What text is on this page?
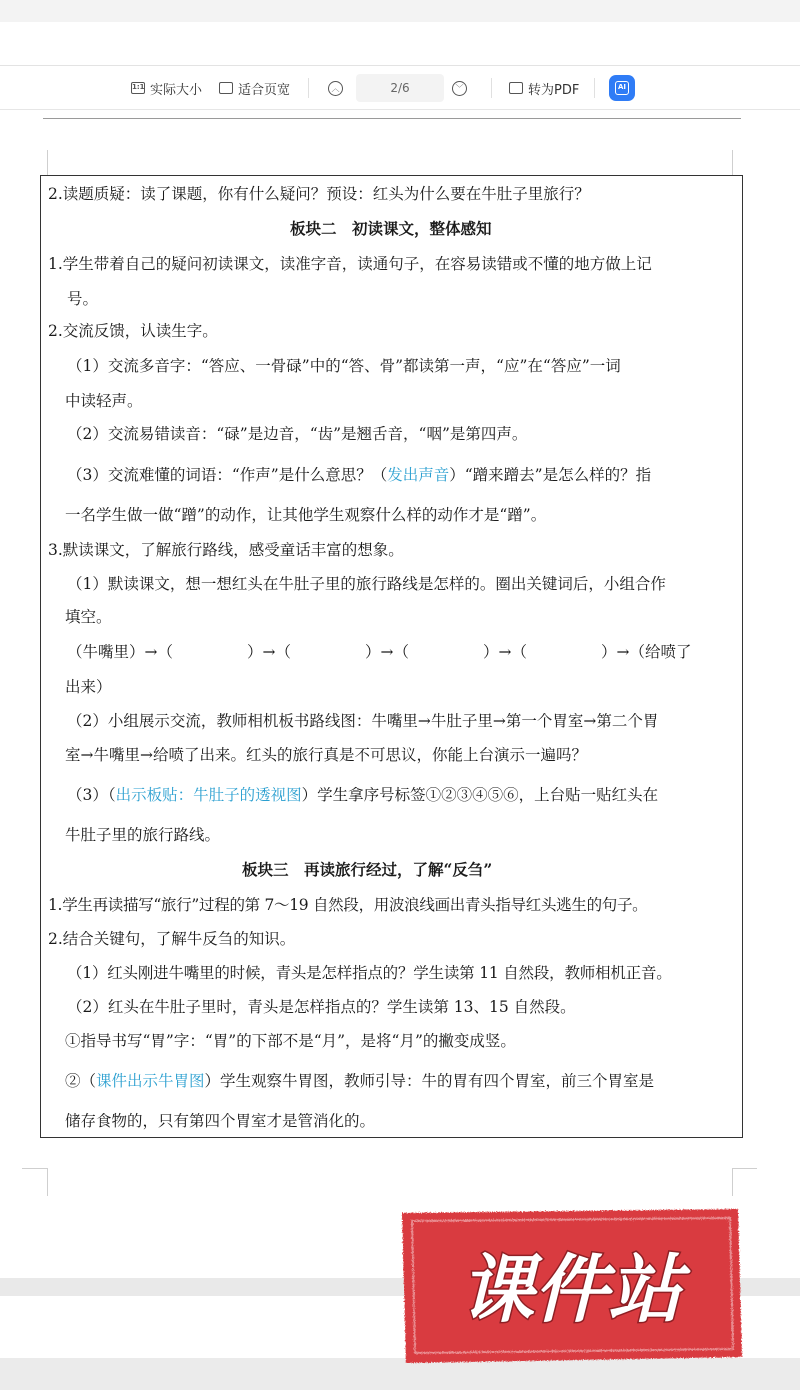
1:1 实际大小	适合页宽	︿	2/6	﹀	转为PDF	AI
2.读题质疑：读了课题，你有什么疑问？预设：红头为什么要在牛肚子里旅行？
板块二　初读课文，整体感知
1.学生带着自己的疑问初读课文，读准字音，读通句子，在容易读错或不懂的地方做上记
号。
2.交流反馈，认读生字。
（1）交流多音字：“答应、一骨碌”中的“答、骨”都读第一声，“应”在“答应”一词
中读轻声。
（2）交流易错读音：“碌”是边音，“齿”是翘舌音，“咽”是第四声。
（3）交流难懂的词语：“作声”是什么意思？（发出声音）“蹭来蹭去”是怎么样的？指
一名学生做一做“蹭”的动作，让其他学生观察什么样的动作才是“蹭”。
3.默读课文，了解旅行路线，感受童话丰富的想象。
（1）默读课文，想一想红头在牛肚子里的旅行路线是怎样的。圈出关键词后，小组合作
填空。
（牛嘴里）→（	）→（	）→（	）→（	）→（给喷了
出来）
（2）小组展示交流，教师相机板书路线图：牛嘴里→牛肚子里→第一个胃室→第二个胃
室→牛嘴里→给喷了出来。红头的旅行真是不可思议，你能上台演示一遍吗？
（3）（出示板贴：牛肚子的透视图）学生拿序号标签①②③④⑤⑥，上台贴一贴红头在
牛肚子里的旅行路线。
板块三　再读旅行经过，了解“反刍”
1.学生再读描写“旅行”过程的第 7～19 自然段，用波浪线画出青头指导红头逃生的句子。
2.结合关键句，了解牛反刍的知识。
（1）红头刚进牛嘴里的时候，青头是怎样指点的？学生读第 11 自然段，教师相机正音。
（2）红头在牛肚子里时，青头是怎样指点的？学生读第 13、15 自然段。
①指导书写“胃”字：“胃”的下部不是“月”，是将“月”的撇变成竖。
②（课件出示牛胃图）学生观察牛胃图，教师引导：牛的胃有四个胃室，前三个胃室是
储存食物的，只有第四个胃室才是管消化的。
课件站
